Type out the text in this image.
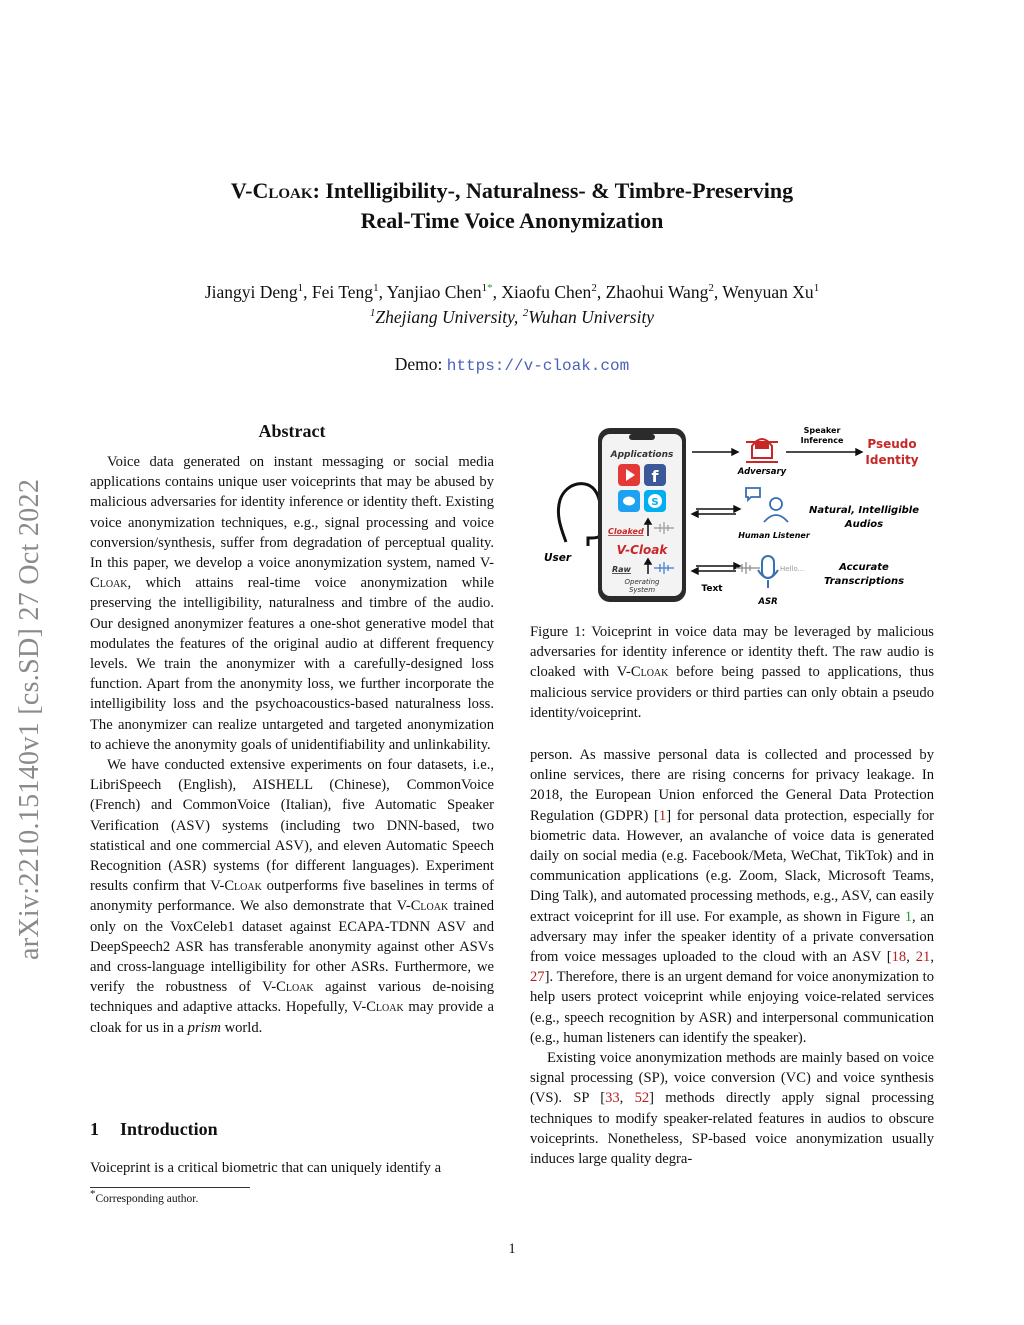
V-Cloak: Intelligibility-, Naturalness- & Timbre-Preserving
Real-Time Voice Anonymization
Jiangyi Deng$^1$, Fei Teng$^1$, Yanjiao Chen$^{1*}$, Xiaofu Chen$^2$, Zhaohui Wang$^2$, Wenyuan Xu$^1$
$^1$Zhejiang University, $^2$Wuhan University
Demo: https://v-cloak.com
arXiv:2210.15140v1 [cs.SD] 27 Oct 2022
Abstract

Voice data generated on instant messaging or social media applications contains unique user voiceprints that may be abused by malicious adversaries for identity inference or identity theft. Existing voice anonymization techniques, e.g., signal processing and voice conversion/synthesis, suffer from degradation of perceptual quality. In this paper, we develop a voice anonymization system, named V-Cloak, which attains real-time voice anonymization while preserving the intelligibility, naturalness and timbre of the audio. Our designed anonymizer features a one-shot generative model that modulates the features of the original audio at different frequency levels. We train the anonymizer with a carefully-designed loss function. Apart from the anonymity loss, we further incorporate the intelligibility loss and the psychoacoustics-based naturalness loss. The anonymizer can realize untargeted and targeted anonymization to achieve the anonymity goals of unidentifiability and unlinkability.

We have conducted extensive experiments on four datasets, i.e., LibriSpeech (English), AISHELL (Chinese), CommonVoice (French) and CommonVoice (Italian), five Automatic Speaker Verification (ASV) systems (including two DNN-based, two statistical and one commercial ASV), and eleven Automatic Speech Recognition (ASR) systems (for different languages). Experiment results confirm that V-Cloak outperforms five baselines in terms of anonymity performance. We also demonstrate that V-Cloak trained only on the VoxCeleb1 dataset against ECAPA-TDNN ASV and DeepSpeech2 ASR has transferable anonymity against other ASVs and cross-language intelligibility for other ASRs. Furthermore, we verify the robustness of V-Cloak against various de-noising techniques and adaptive attacks. Hopefully, V-Cloak may provide a cloak for us in a prism world.

1 Introduction
Voiceprint is a critical biometric that can uniquely identify a
*Corresponding author.
1
User
Applications
f
S
Cloaked
V-Cloak
Raw
Operating
System	Text
Adversary
Speaker
Inference Pseudo
Identity
Human Listener
Natural, Intelligible
Audios
Hello...
ASR
Accurate
Transcriptions

Figure 1: Voiceprint in voice data may be leveraged by malicious adversaries for identity inference or identity theft. The raw audio is cloaked with V-Cloak before being passed to applications, thus malicious service providers or third parties can only obtain a pseudo identity/voiceprint.

person. As massive personal data is collected and processed by online services, there are rising concerns for privacy leakage. In 2018, the European Union enforced the General Data Protection Regulation (GDPR) [1] for personal data protection, especially for biometric data. However, an avalanche of voice data is generated daily on social media (e.g. Facebook/Meta, WeChat, TikTok) and in communication applications (e.g. Zoom, Slack, Microsoft Teams, Ding Talk), and automated processing methods, e.g., ASV, can easily extract voiceprint for ill use. For example, as shown in Figure 1, an adversary may infer the speaker identity of a private conversation from voice messages uploaded to the cloud with an ASV [18, 21, 27]. Therefore, there is an urgent demand for voice anonymization to help users protect voiceprint while enjoying voice-related services (e.g., speech recognition by ASR) and interpersonal communication (e.g., human listeners can identify the speaker).

Existing voice anonymization methods are mainly based on voice signal processing (SP), voice conversion (VC) and voice synthesis (VS). SP [33, 52] methods directly apply signal processing techniques to modify speaker-related features in audios to obscure voiceprints. Nonetheless, SP-based voice anonymization usually induces large quality degra-
